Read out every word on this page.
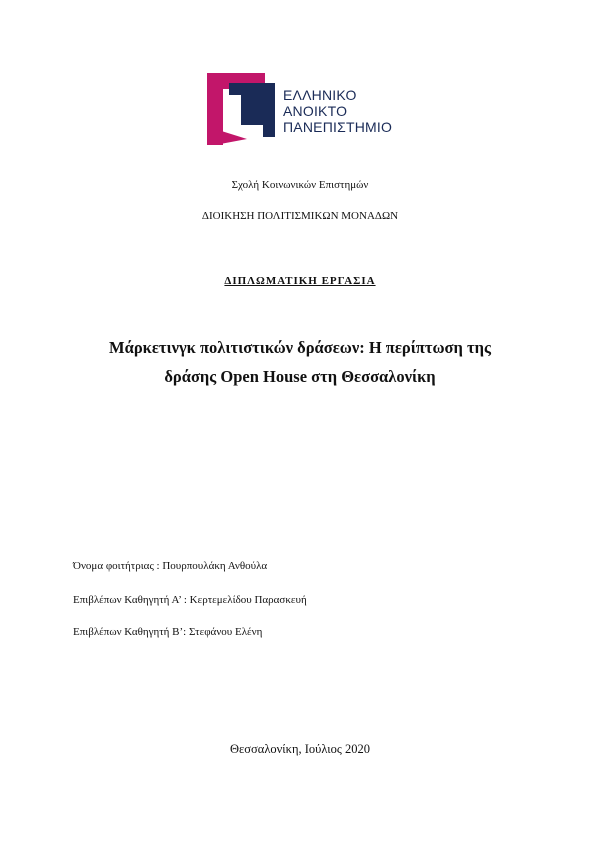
ΕΛΛΗΝΙΚΟ
ΑΝΟΙΚΤΟ
ΠΑΝΕΠΙΣΤΗΜΙΟ
Σχολή Κοινωνικών Επιστημών
ΔΙΟΙΚΗΣΗ ΠΟΛΙΤΙΣΜΙΚΩΝ ΜΟΝΑΔΩΝ
ΔΙΠΛΩΜΑΤΙΚΗ ΕΡΓΑΣΙΑ
Μάρκετινγκ πολιτιστικών δράσεων: Η περίπτωση της
δράσης Open House στη Θεσσαλονίκη
Όνομα φοιτήτριας : Πουρπουλάκη Ανθούλα
Επιβλέπων Καθηγητή Α’ : Κερτεμελίδου Παρασκευή
Επιβλέπων Καθηγητή Β’: Στεφάνου Ελένη
Θεσσαλονίκη, Ιούλιος 2020
